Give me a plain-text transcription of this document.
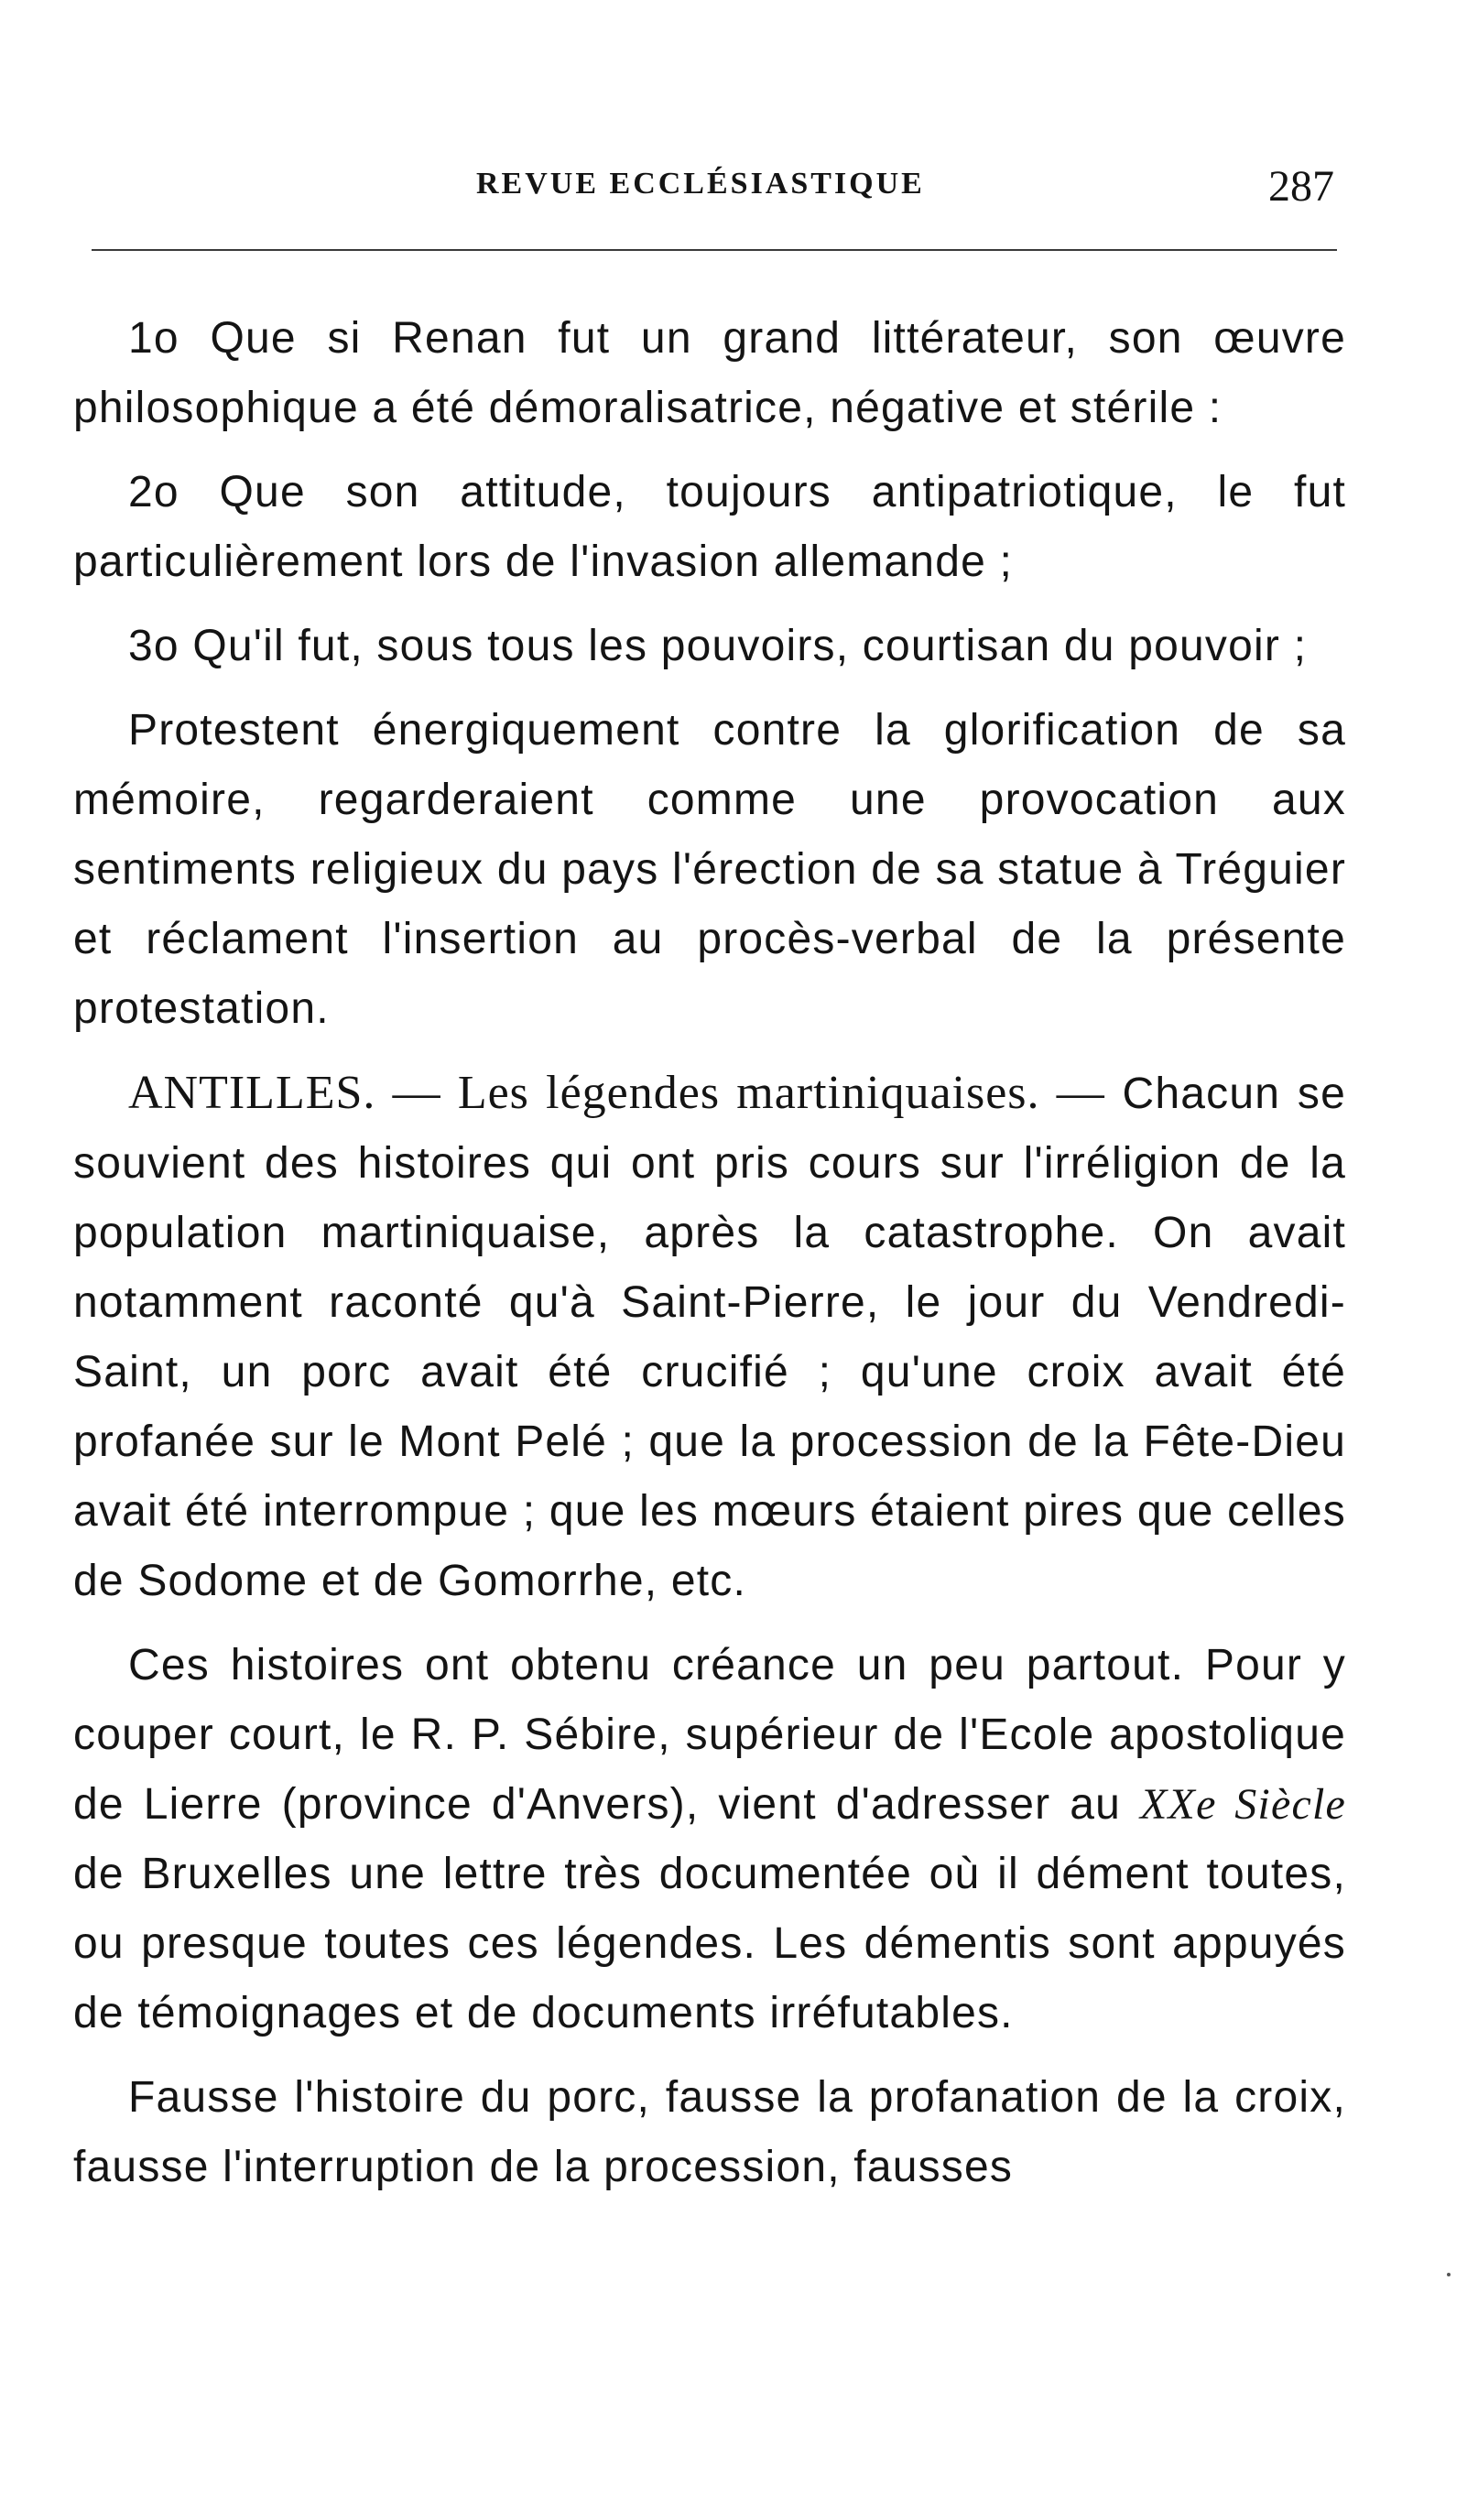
REVUE ECCLÉSIASTIQUE	287

1o Que si Renan fut un grand littérateur, son œuvre philosophique a été démoralisatrice, négative et stérile :

2o Que son attitude, toujours antipatriotique, le fut particulièrement lors de l'invasion allemande ;

3o Qu'il fut, sous tous les pouvoirs, courtisan du pouvoir ;

Protestent énergiquement contre la glorification de sa mémoire, regarderaient comme une provocation aux sentiments religieux du pays l'érection de sa statue à Tréguier et réclament l'insertion au procès-verbal de la présente protestation.

ANTILLES. — Les légendes martiniquaises. — Chacun se souvient des histoires qui ont pris cours sur l'irréligion de la population martiniquaise, après la catastrophe. On avait notamment raconté qu'à Saint-Pierre, le jour du Vendredi-Saint, un porc avait été crucifié ; qu'une croix avait été profanée sur le Mont Pelé ; que la procession de la Fête-Dieu avait été interrompue ; que les mœurs étaient pires que celles de Sodome et de Gomorrhe, etc.

Ces histoires ont obtenu créance un peu partout. Pour y couper court, le R. P. Sébire, supérieur de l'Ecole apostolique de Lierre (province d'Anvers), vient d'adresser au XXe Siècle de Bruxelles une lettre très documentée où il dément toutes, ou presque toutes ces légendes. Les démentis sont appuyés de témoignages et de documents irréfutables.

Fausse l'histoire du porc, fausse la profanation de la croix, fausse l'interruption de la procession, fausses
